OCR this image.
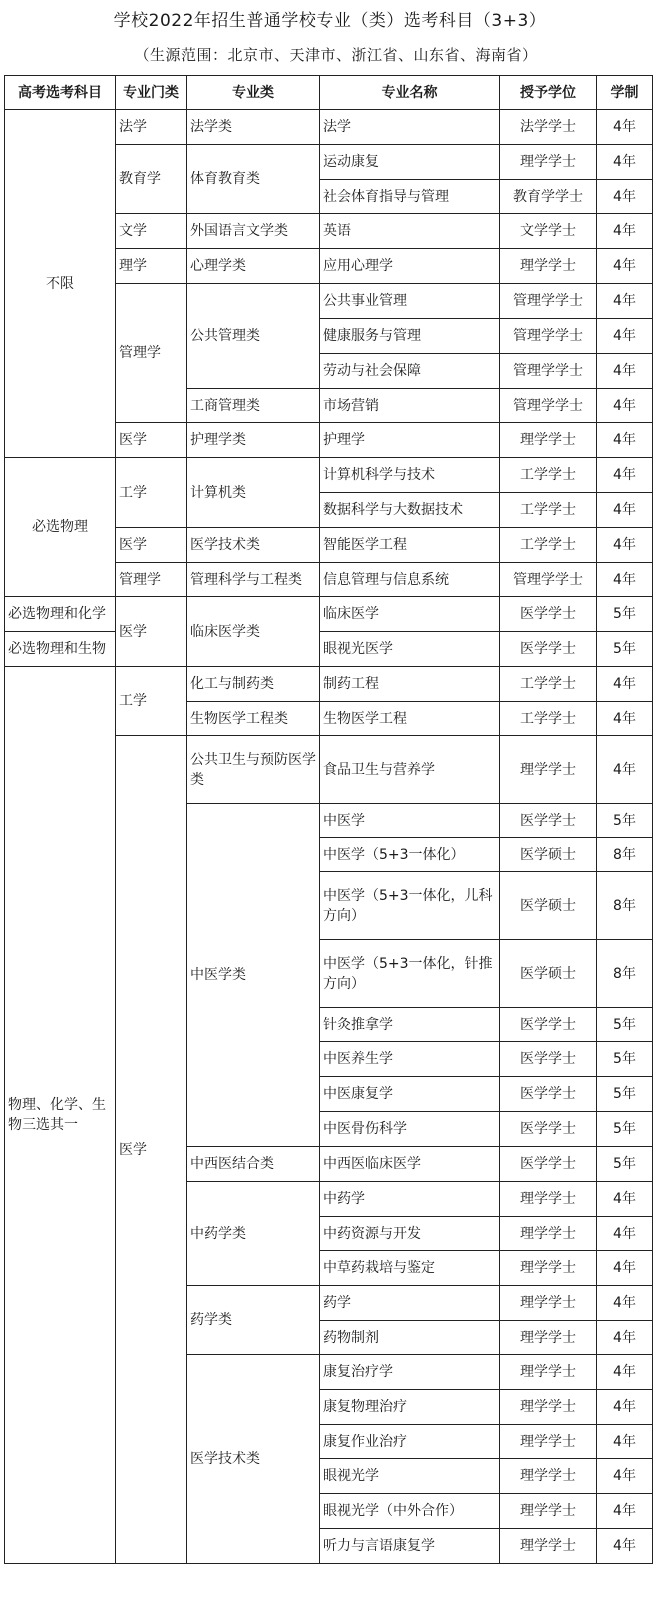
学校2022年招生普通学校专业（类）选考科目（3+3）
（生源范围：北京市、天津市、浙江省、山东省、海南省）
高考选考科目	专业门类	专业类	专业名称	授予学位	学制
不限	法学	法学类	法学	法学学士	4年
	教育学	体育教育类	运动康复	理学学士	4年
			社会体育指导与管理	教育学学士	4年
	文学	外国语言文学类	英语	文学学士	4年
	理学	心理学类	应用心理学	理学学士	4年
	管理学	公共管理类	公共事业管理	管理学学士	4年
			健康服务与管理	管理学学士	4年
			劳动与社会保障	管理学学士	4年
		工商管理类	市场营销	管理学学士	4年
	医学	护理学类	护理学	理学学士	4年
必选物理	工学	计算机类	计算机科学与技术	工学学士	4年
			数据科学与大数据技术	工学学士	4年
	医学	医学技术类	智能医学工程	工学学士	4年
	管理学	管理科学与工程类	信息管理与信息系统	管理学学士	4年
必选物理和化学	医学	临床医学类	临床医学	医学学士	5年
必选物理和生物			眼视光医学	医学学士	5年
物理、化学、生物三选其一	工学	化工与制药类	制药工程	工学学士	4年
		生物医学工程类	生物医学工程	工学学士	4年
	医学	公共卫生与预防医学类	食品卫生与营养学	理学学士	4年
		中医学类	中医学	医学学士	5年
			中医学（5+3一体化）	医学硕士	8年
			中医学（5+3一体化，儿科方向）	医学硕士	8年
			中医学（5+3一体化，针推方向）	医学硕士	8年
			针灸推拿学	医学学士	5年
			中医养生学	医学学士	5年
			中医康复学	医学学士	5年
			中医骨伤科学	医学学士	5年
		中西医结合类	中西医临床医学	医学学士	5年
		中药学类	中药学	理学学士	4年
			中药资源与开发	理学学士	4年
			中草药栽培与鉴定	理学学士	4年
		药学类	药学	理学学士	4年
			药物制剂	理学学士	4年
		医学技术类	康复治疗学	理学学士	4年
			康复物理治疗	理学学士	4年
			康复作业治疗	理学学士	4年
			眼视光学	理学学士	4年
			眼视光学（中外合作）	理学学士	4年
			听力与言语康复学	理学学士	4年
